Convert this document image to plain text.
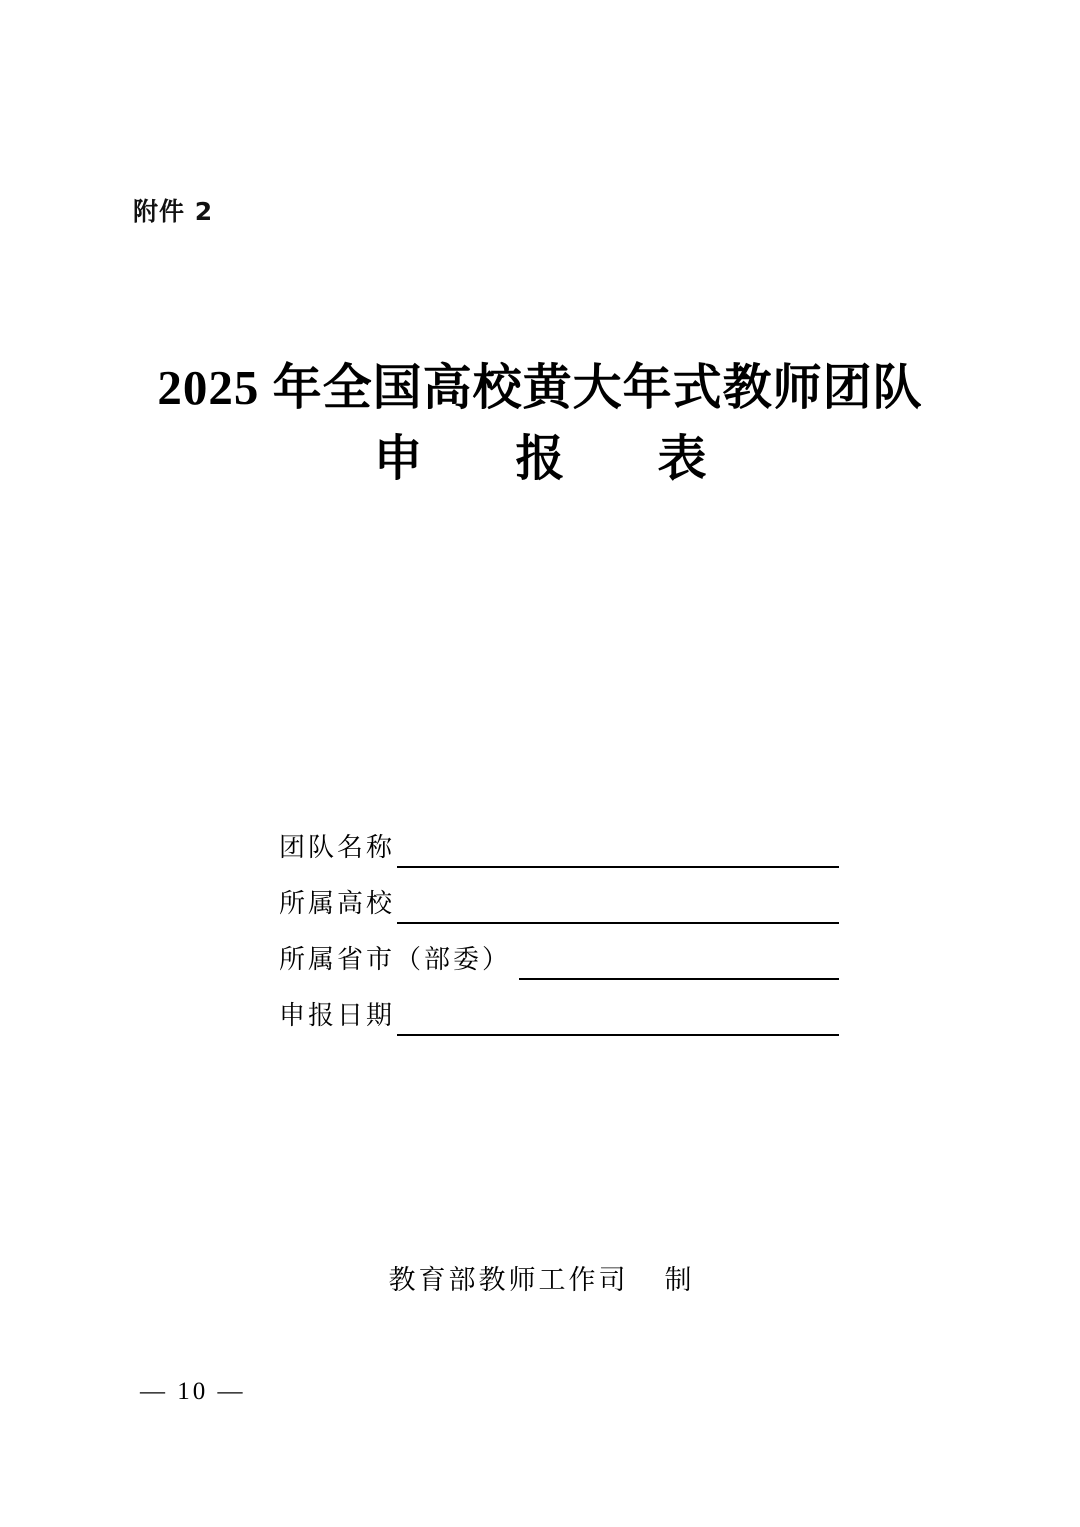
附件 2
2025 年全国高校黄大年式教师团队
申　报　表
团队名称
所属高校
所属省市（部委）
申报日期
教育部教师工作司 制
— 10 —
